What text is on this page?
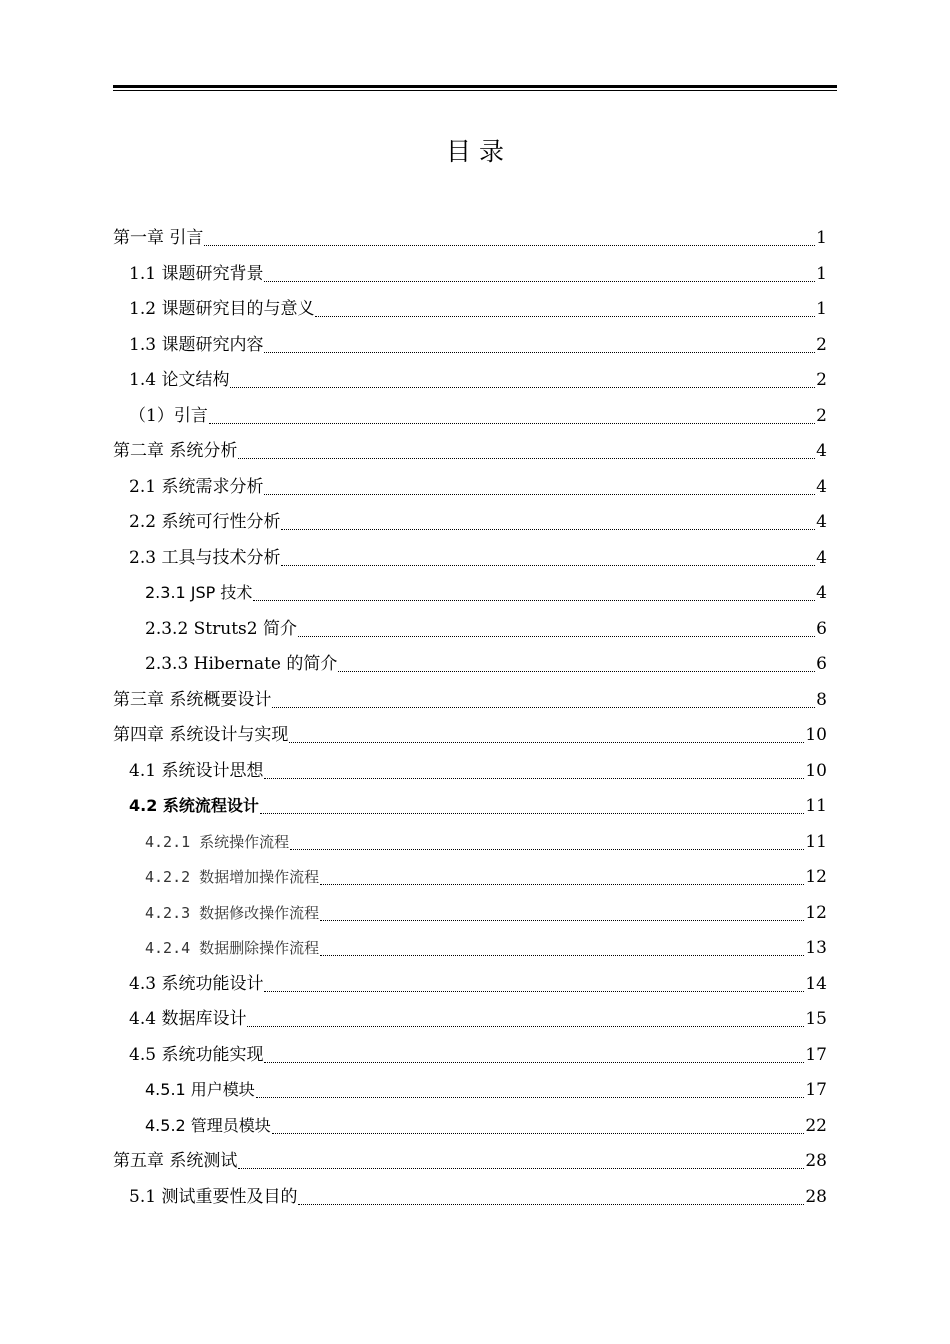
目 录
第一章 引言	1
1.1 课题研究背景	1
1.2 课题研究目的与意义	1
1.3 课题研究内容	2
1.4 论文结构	2
（1）引言	2
第二章 系统分析	4
2.1 系统需求分析	4
2.2 系统可行性分析	4
2.3 工具与技术分析	4
2.3.1 JSP 技术	4
2.3.2 Struts2 简介	6
2.3.3 Hibernate 的简介	6
第三章 系统概要设计	8
第四章 系统设计与实现	10
4.1 系统设计思想	10
4.2 系统流程设计	11
4.2.1 系统操作流程	11
4.2.2 数据增加操作流程	12
4.2.3 数据修改操作流程	12
4.2.4 数据删除操作流程	13
4.3 系统功能设计	14
4.4 数据库设计	15
4.5 系统功能实现	17
4.5.1 用户模块	17
4.5.2 管理员模块	22
第五章 系统测试	28
5.1 测试重要性及目的	28
